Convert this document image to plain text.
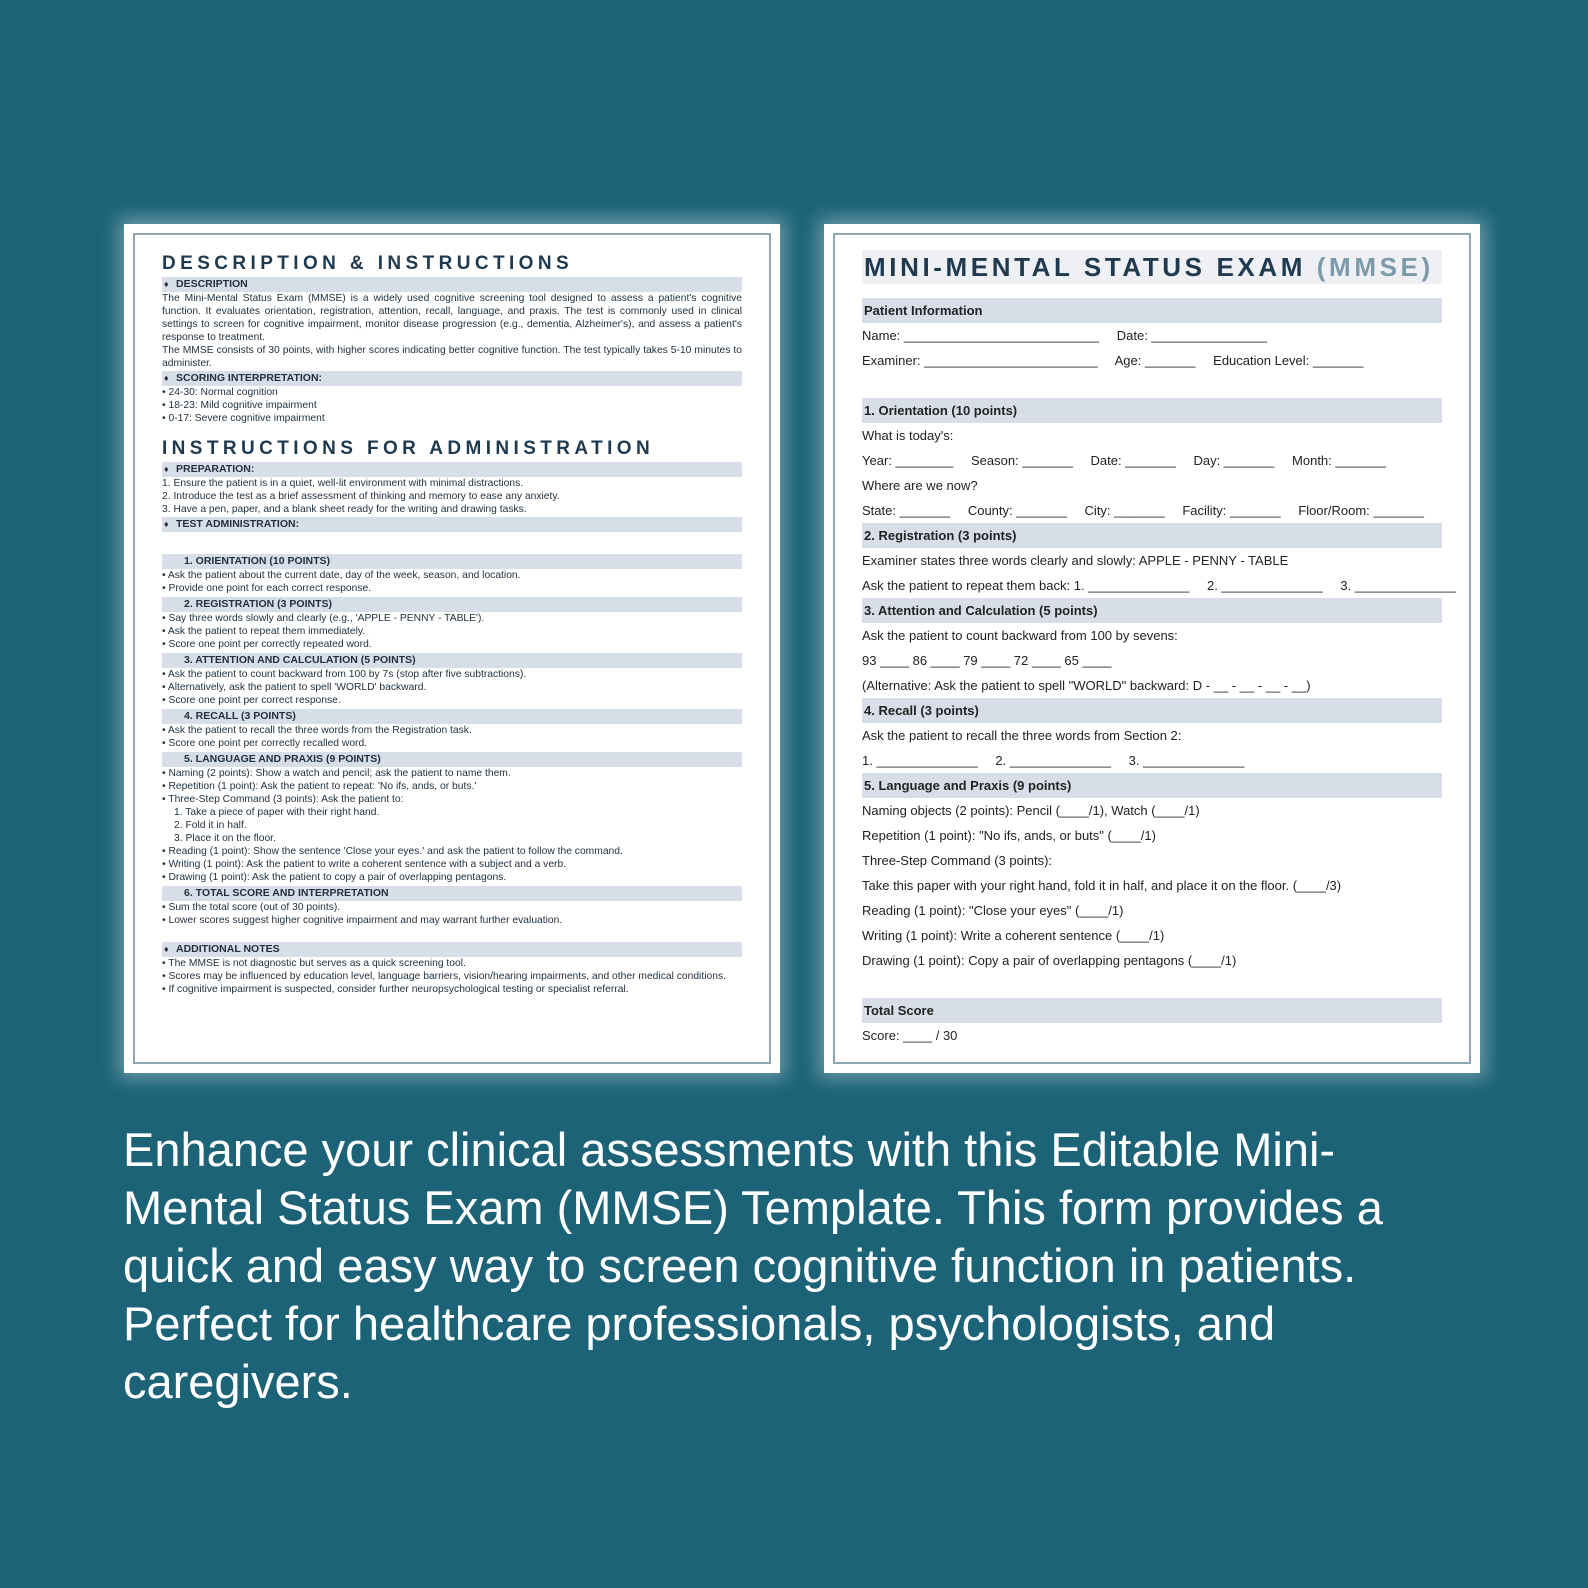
DESCRIPTION & INSTRUCTIONS
♦ DESCRIPTION
The Mini-Mental Status Exam (MMSE) is a widely used cognitive screening tool designed to assess a patient's cognitive function. It evaluates orientation, registration, attention, recall, language, and praxis. The test is commonly used in clinical settings to screen for cognitive impairment, monitor disease progression (e.g., dementia, Alzheimer's), and assess a patient's response to treatment.
The MMSE consists of 30 points, with higher scores indicating better cognitive function. The test typically takes 5-10 minutes to administer.
♦ SCORING INTERPRETATION:
• 24-30: Normal cognition
• 18-23: Mild cognitive impairment
• 0-17: Severe cognitive impairment
INSTRUCTIONS FOR ADMINISTRATION
♦ PREPARATION:
1. Ensure the patient is in a quiet, well-lit environment with minimal distractions.
2. Introduce the test as a brief assessment of thinking and memory to ease any anxiety.
3. Have a pen, paper, and a blank sheet ready for the writing and drawing tasks.
♦ TEST ADMINISTRATION:
1. ORIENTATION (10 POINTS)
• Ask the patient about the current date, day of the week, season, and location.
• Provide one point for each correct response.
2. REGISTRATION (3 POINTS)
• Say three words slowly and clearly (e.g., 'APPLE - PENNY - TABLE').
• Ask the patient to repeat them immediately.
• Score one point per correctly repeated word.
3. ATTENTION AND CALCULATION (5 POINTS)
• Ask the patient to count backward from 100 by 7s (stop after five subtractions).
• Alternatively, ask the patient to spell 'WORLD' backward.
• Score one point per correct response.
4. RECALL (3 POINTS)
• Ask the patient to recall the three words from the Registration task.
• Score one point per correctly recalled word.
5. LANGUAGE AND PRAXIS (9 POINTS)
• Naming (2 points): Show a watch and pencil; ask the patient to name them.
• Repetition (1 point): Ask the patient to repeat: 'No ifs, ands, or buts.'
• Three-Step Command (3 points): Ask the patient to:
1. Take a piece of paper with their right hand.
2. Fold it in half.
3. Place it on the floor.
• Reading (1 point): Show the sentence 'Close your eyes.' and ask the patient to follow the command.
• Writing (1 point): Ask the patient to write a coherent sentence with a subject and a verb.
• Drawing (1 point): Ask the patient to copy a pair of overlapping pentagons.
6. TOTAL SCORE AND INTERPRETATION
• Sum the total score (out of 30 points).
• Lower scores suggest higher cognitive impairment and may warrant further evaluation.
♦ ADDITIONAL NOTES
• The MMSE is not diagnostic but serves as a quick screening tool.
• Scores may be influenced by education level, language barriers, vision/hearing impairments, and other medical conditions.
• If cognitive impairment is suspected, consider further neuropsychological testing or specialist referral.
MINI-MENTAL STATUS EXAM (MMSE)
Patient Information
Name: ___________________________ Date: ________________
Examiner: ________________________ Age: _______ Education Level: _______
1. Orientation (10 points)
What is today's:
Year: ________ Season: _______ Date: _______ Day: _______ Month: _______
Where are we now?
State: _______ County: _______ City: _______ Facility: _______ Floor/Room: _______
2. Registration (3 points)
Examiner states three words clearly and slowly: APPLE - PENNY - TABLE
Ask the patient to repeat them back: 1. ______________ 2. ______________ 3. ______________
3. Attention and Calculation (5 points)
Ask the patient to count backward from 100 by sevens:
93 ____ 86 ____ 79 ____ 72 ____ 65 ____
(Alternative: Ask the patient to spell "WORLD" backward: D - __ - __ - __ - __)
4. Recall (3 points)
Ask the patient to recall the three words from Section 2:
1. ______________ 2. ______________ 3. ______________
5. Language and Praxis (9 points)
Naming objects (2 points): Pencil (____/1), Watch (____/1)
Repetition (1 point): "No ifs, ands, or buts" (____/1)
Three-Step Command (3 points):
Take this paper with your right hand, fold it in half, and place it on the floor. (____/3)
Reading (1 point): "Close your eyes" (____/1)
Writing (1 point): Write a coherent sentence (____/1)
Drawing (1 point): Copy a pair of overlapping pentagons (____/1)
Total Score
Score: ____ / 30
Enhance your clinical assessments with this Editable Mini-Mental Status Exam (MMSE) Template. This form provides a quick and easy way to screen cognitive function in patients. Perfect for healthcare professionals, psychologists, and caregivers.
